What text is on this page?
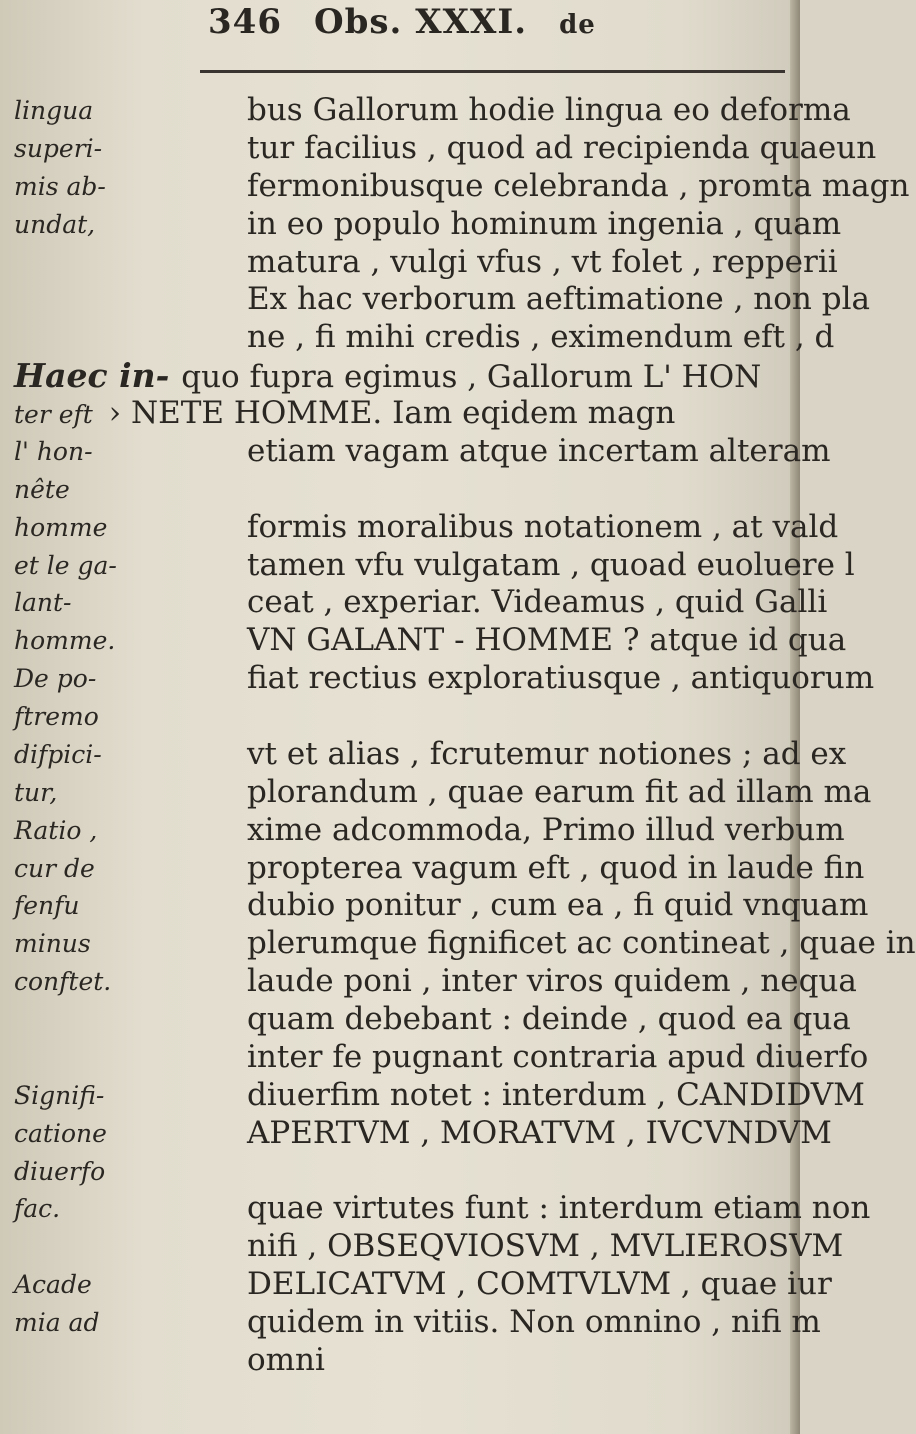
346 Obs. XXXI. de
lingua	bus Gallorum hodie lingua eo deforma
superi-	tur facilius , quod ad recipienda quaeun
mis ab-	fermonibusque celebranda , promta magn
undat,	in eo populo hominum ingenia , quam
matura , vulgi vfus , vt folet , repperii
Ex hac verborum aeftimatione , non pla
ne , fi mihi credis , eximendum eft , d
Haec in- quo fupra egimus , Gallorum L' HON
ter eft › NETE HOMME. Iam eqidem magn
l' hon-	etiam vagam atque incertam alteram
nête
homme	formis moralibus notationem , at vald
et le ga-	tamen vfu vulgatam , quoad euoluere l
lant-	ceat , experiar. Videamus , quid Galli
homme.	VN GALANT - HOMME ? atque id qua
De po-	fiat rectius exploratiusque , antiquorum
ftremo
difpici-	vt et alias , fcrutemur notiones ; ad ex
tur,	plorandum , quae earum fit ad illam ma
Ratio ,	xime adcommoda, Primo illud verbum
cur de	propterea vagum eft , quod in laude fin
fenfu	dubio ponitur , cum ea , fi quid vnquam
minus	plerumque fignificet ac contineat , quae in
conftet.	laude poni , inter viros quidem , nequa
quam debebant : deinde , quod ea qua
inter fe pugnant contraria apud diuerfo
Signifi-	diuerfim notet : interdum , CANDIDVM
catione	APERTVM , MORATVM , IVCVNDVM
diuerfo
fac.	quae virtutes funt : interdum etiam non
nifi , OBSEQVIOSVM , MVLIEROSVM
Acade	DELICATVM , COMTVLVM , quae iur
mia ad	quidem in vitiis. Non omnino , nifi m
omni
